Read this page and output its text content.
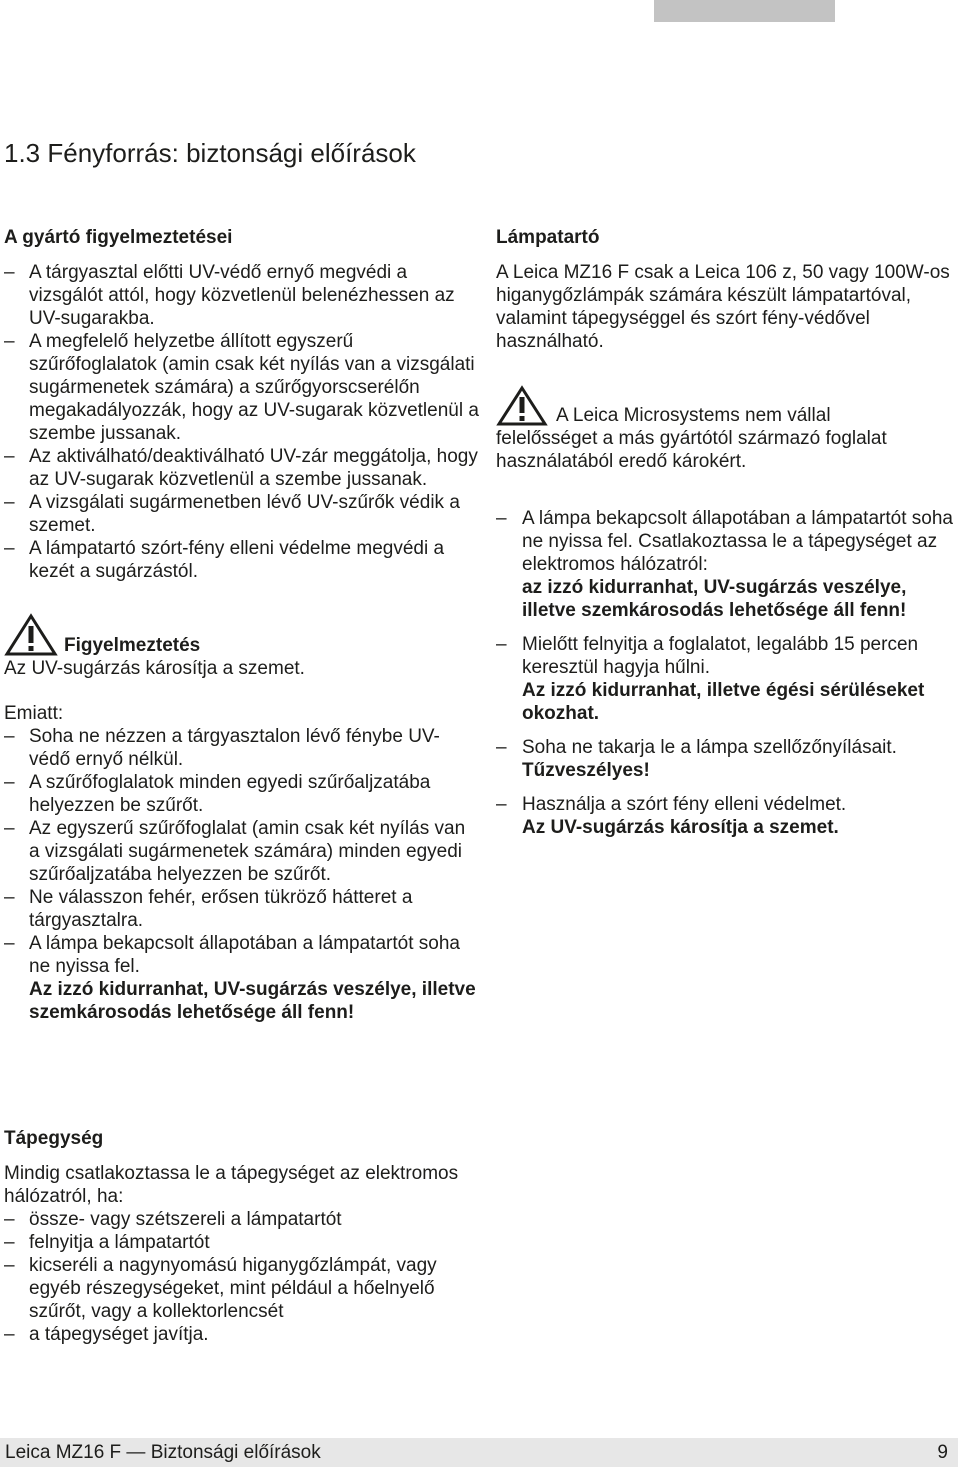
1.3 Fényforrás: biztonsági előírások
A gyártó figyelmeztetései
– A tárgyasztal előtti UV-védő ernyő megvédi a vizsgálót attól, hogy közvetlenül belenézhessen az UV-sugarakba.
– A megfelelő helyzetbe állított egyszerű szűrőfoglalatok (amin csak két nyílás van a vizsgálati sugármenetek számára) a szűrőgyorscserélőn megakadályozzák, hogy az UV-sugarak közvetlenül a szembe jussanak.
– Az aktiválható/deaktiválható UV-zár meggátolja, hogy az UV-sugarak közvetlenül a szembe jussanak.
– A vizsgálati sugármenetben lévő UV-szűrők védik a szemet.
– A lámpatartó szórt-fény elleni védelme megvédi a kezét a sugárzástól.
Figyelmeztetés

Az UV-sugárzás károsítja a szemet.

Emiatt:

– Soha ne nézzen a tárgyasztalon lévő fénybe UV-védő ernyő nélkül.
– A szűrőfoglalatok minden egyedi szűrőaljzatába helyezzen be szűrőt.
– Az egyszerű szűrőfoglalat (amin csak két nyílás van a vizsgálati sugármenetek számára) minden egyedi szűrőaljzatába helyezzen be szűrőt.
– Ne válasszon fehér, erősen tükröző hátteret a tárgyasztalra.
– A lámpa bekapcsolt állapotában a lámpatartót soha ne nyissa fel.
Az izzó kidurranhat, UV-sugárzás veszélye, illetve szemkárosodás lehetősége áll fenn!
Tápegység

Mindig csatlakoztassa le a tápegységet az elektromos hálózatról, ha:

– össze- vagy szétszereli a lámpatartót
– felnyitja a lámpatartót
– kicseréli a nagynyomású higanygőzlámpát, vagy egyéb részegységeket, mint például a hőelnyelő szűrőt, vagy a kollektorlencsét
– a tápegységet javítja.
Lámpatartó

A Leica MZ16 F csak a Leica 106 z, 50 vagy 100W-os higanygőzlámpák számára készült lámpatartóval, valamint tápegységgel és szórt fény-védővel használható.

A Leica Microsystems nem vállal
felelősséget a más gyártótól származó foglalat használatából eredő károkért.
– A lámpa bekapcsolt állapotában a lámpatartót soha ne nyissa fel. Csatlakoztassa le a tápegységet az elektromos hálózatról:
az izzó kidurranhat, UV-sugárzás veszélye, illetve szemkárosodás lehetősége áll fenn!
– Mielőtt felnyitja a foglalatot, legalább 15 percen keresztül hagyja hűlni.
Az izzó kidurranhat, illetve égési sérüléseket okozhat.
– Soha ne takarja le a lámpa szellőzőnyílásait.
Tűzveszélyes!
– Használja a szórt fény elleni védelmet.
Az UV-sugárzás károsítja a szemet.
Leica MZ16 F — Biztonsági előírások	9
